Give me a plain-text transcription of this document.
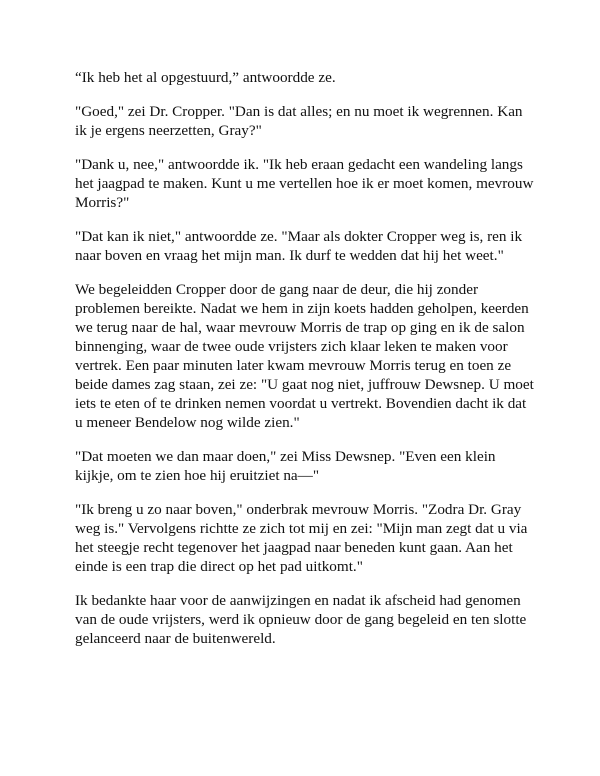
“Ik heb het al opgestuurd,” antwoordde ze.

"Goed," zei Dr. Cropper. "Dan is dat alles; en nu moet ik wegrennen. Kan ik je ergens neerzetten, Gray?"

"Dank u, nee," antwoordde ik. "Ik heb eraan gedacht een wandeling langs het jaagpad te maken. Kunt u me vertellen hoe ik er moet komen, mevrouw Morris?"

"Dat kan ik niet," antwoordde ze. "Maar als dokter Cropper weg is, ren ik naar boven en vraag het mijn man. Ik durf te wedden dat hij het weet."

We begeleidden Cropper door de gang naar de deur, die hij zonder problemen bereikte. Nadat we hem in zijn koets hadden geholpen, keerden we terug naar de hal, waar mevrouw Morris de trap op ging en ik de salon binnenging, waar de twee oude vrijsters zich klaar leken te maken voor vertrek. Een paar minuten later kwam mevrouw Morris terug en toen ze beide dames zag staan, zei ze: "U gaat nog niet, juffrouw Dewsnep. U moet iets te eten of te drinken nemen voordat u vertrekt. Bovendien dacht ik dat u meneer Bendelow nog wilde zien."

"Dat moeten we dan maar doen," zei Miss Dewsnep. "Even een klein kijkje, om te zien hoe hij eruitziet na—"

"Ik breng u zo naar boven," onderbrak mevrouw Morris. "Zodra Dr. Gray weg is." Vervolgens richtte ze zich tot mij en zei: "Mijn man zegt dat u via het steegje recht tegenover het jaagpad naar beneden kunt gaan. Aan het einde is een trap die direct op het pad uitkomt."

Ik bedankte haar voor de aanwijzingen en nadat ik afscheid had genomen van de oude vrijsters, werd ik opnieuw door de gang begeleid en ten slotte gelanceerd naar de buitenwereld.
